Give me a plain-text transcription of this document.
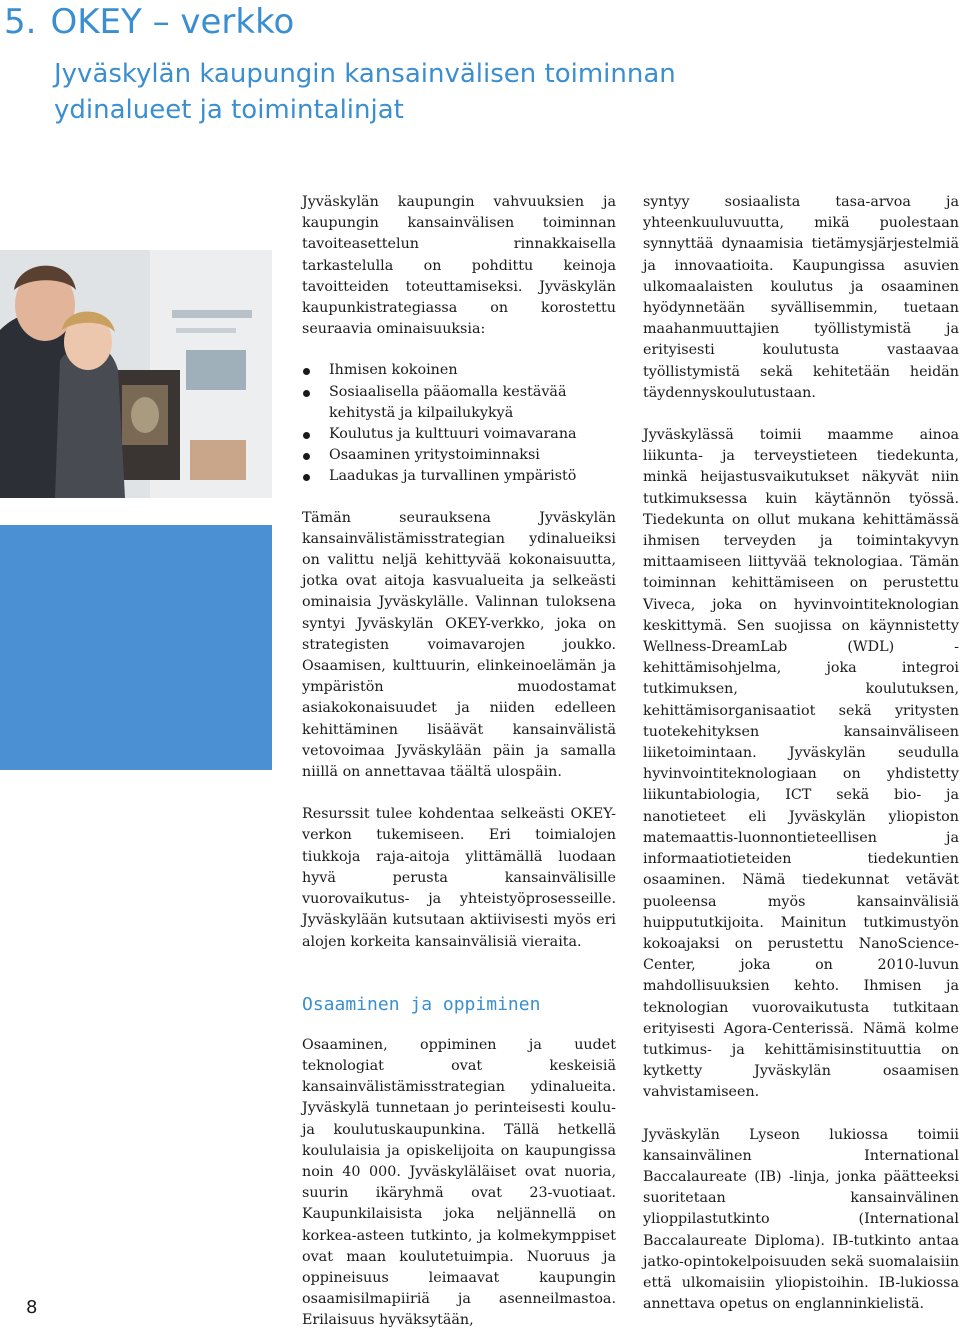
5. OKEY – verkko
Jyväskylän kaupungin kansainvälisen toiminnan ydinalueet ja toimintalinjat
8

Jyväskylän kaupungin vahvuuksien ja kaupungin kansainvälisen toiminnan tavoiteasettelun rinnakkaisella tarkastelulla on pohdittu keinoja tavoitteiden toteuttamiseksi. Jyväskylän kaupunkistrategiassa on korostettu seuraavia ominaisuuksia:

Ihmisen kokoinen
Sosiaalisella pääomalla kestävää kehitystä ja kilpailukykyä
Koulutus ja kulttuuri voimavarana
Osaaminen yritystoiminnaksi
Laadukas ja turvallinen ympäristö

Tämän seurauksena Jyväskylän kansainvälistämisstrategian ydinalueiksi on valittu neljä kehittyvää kokonaisuutta, jotka ovat aitoja kasvualueita ja selkeästi ominaisia Jyväskylälle. Valinnan tuloksena syntyi Jyväskylän OKEY-verkko, joka on strategisten voimavarojen joukko. Osaamisen, kulttuurin, elinkeinoelämän ja ympäristön muodostamat asiakokonaisuudet ja niiden edelleen kehittäminen lisäävät kansainvälistä vetovoimaa Jyväskylään päin ja samalla niillä on annettavaa täältä ulospäin.

Resurssit tulee kohdentaa selkeästi OKEY-verkon tukemiseen. Eri toimialojen tiukkoja raja-aitoja ylittämällä luodaan hyvä perusta kansainvälisille vuorovaikutus- ja yhteistyöprosesseille. Jyväskylään kutsutaan aktiivisesti myös eri alojen korkeita kansainvälisiä vieraita.

Osaaminen ja oppiminen

Osaaminen, oppiminen ja uudet teknologiat ovat keskeisiä kansainvälistämisstrategian ydinalueita. Jyväskylä tunnetaan jo perinteisesti koulu- ja koulutuskaupunkina. Tällä hetkellä koululaisia ja opiskelijoita on kaupungissa noin 40 000. Jyväskyläläiset ovat nuoria, suurin ikäryhmä ovat 23-vuotiaat. Kaupunkilaisista joka neljännellä on korkea-asteen tutkinto, ja kolmekymppiset ovat maan koulutetuimpia. Nuoruus ja oppineisuus leimaavat kaupungin osaamisilmapiiriä ja asenneilmastoa. Erilaisuus hyväksytään,

syntyy sosiaalista tasa-arvoa ja yhteenkuuluvuutta, mikä puolestaan synnyttää dynaamisia tietämysjärjestelmiä ja innovaatioita. Kaupungissa asuvien ulkomaalaisten koulutus ja osaaminen hyödynnetään syvällisemmin, tuetaan maahanmuuttajien työllistymistä ja erityisesti koulutusta vastaavaa työllistymistä sekä kehitetään heidän täydennyskoulutustaan.

Jyväskylässä toimii maamme ainoa liikunta- ja terveystieteen tiedekunta, minkä heijastusvaikutukset näkyvät niin tutkimuksessa kuin käytännön työssä. Tiedekunta on ollut mukana kehittämässä ihmisen terveyden ja toimintakyvyn mittaamiseen liittyvää teknologiaa. Tämän toiminnan kehittämiseen on perustettu Viveca, joka on hyvinvointiteknologian keskittymä. Sen suojissa on käynnistetty Wellness-DreamLab (WDL) -kehittämisohjelma, joka integroi tutkimuksen, koulutuksen, kehittämisorganisaatiot sekä yritysten tuotekehityksen kansainväliseen liiketoimintaan. Jyväskylän seudulla hyvinvointiteknologiaan on yhdistetty liikuntabiologia, ICT sekä bio- ja nanotieteet eli Jyväskylän yliopiston matemaattis-luonnontieteellisen ja informaatiotieteiden tiedekuntien osaaminen. Nämä tiedekunnat vetävät puoleensa myös kansainvälisiä huippututkijoita. Mainitun tutkimustyön kokoajaksi on perustettu NanoScience-Center, joka on 2010-luvun mahdollisuuksien kehto. Ihmisen ja teknologian vuorovaikutusta tutkitaan erityisesti Agora-Centerissä. Nämä kolme tutkimus- ja kehittämisinstituuttia on kytketty Jyväskylän osaamisen vahvistamiseen.

Jyväskylän Lyseon lukiossa toimii kansainvälinen International Baccalaureate (IB) -linja, jonka päätteeksi suoritetaan kansainvälinen ylioppilastutkinto (International Baccalaureate Diploma). IB-tutkinto antaa jatko-opintokelpoisuuden sekä suomalaisiin että ulkomaisiin yliopistoihin. IB-lukiossa annettava opetus on englanninkielistä.
